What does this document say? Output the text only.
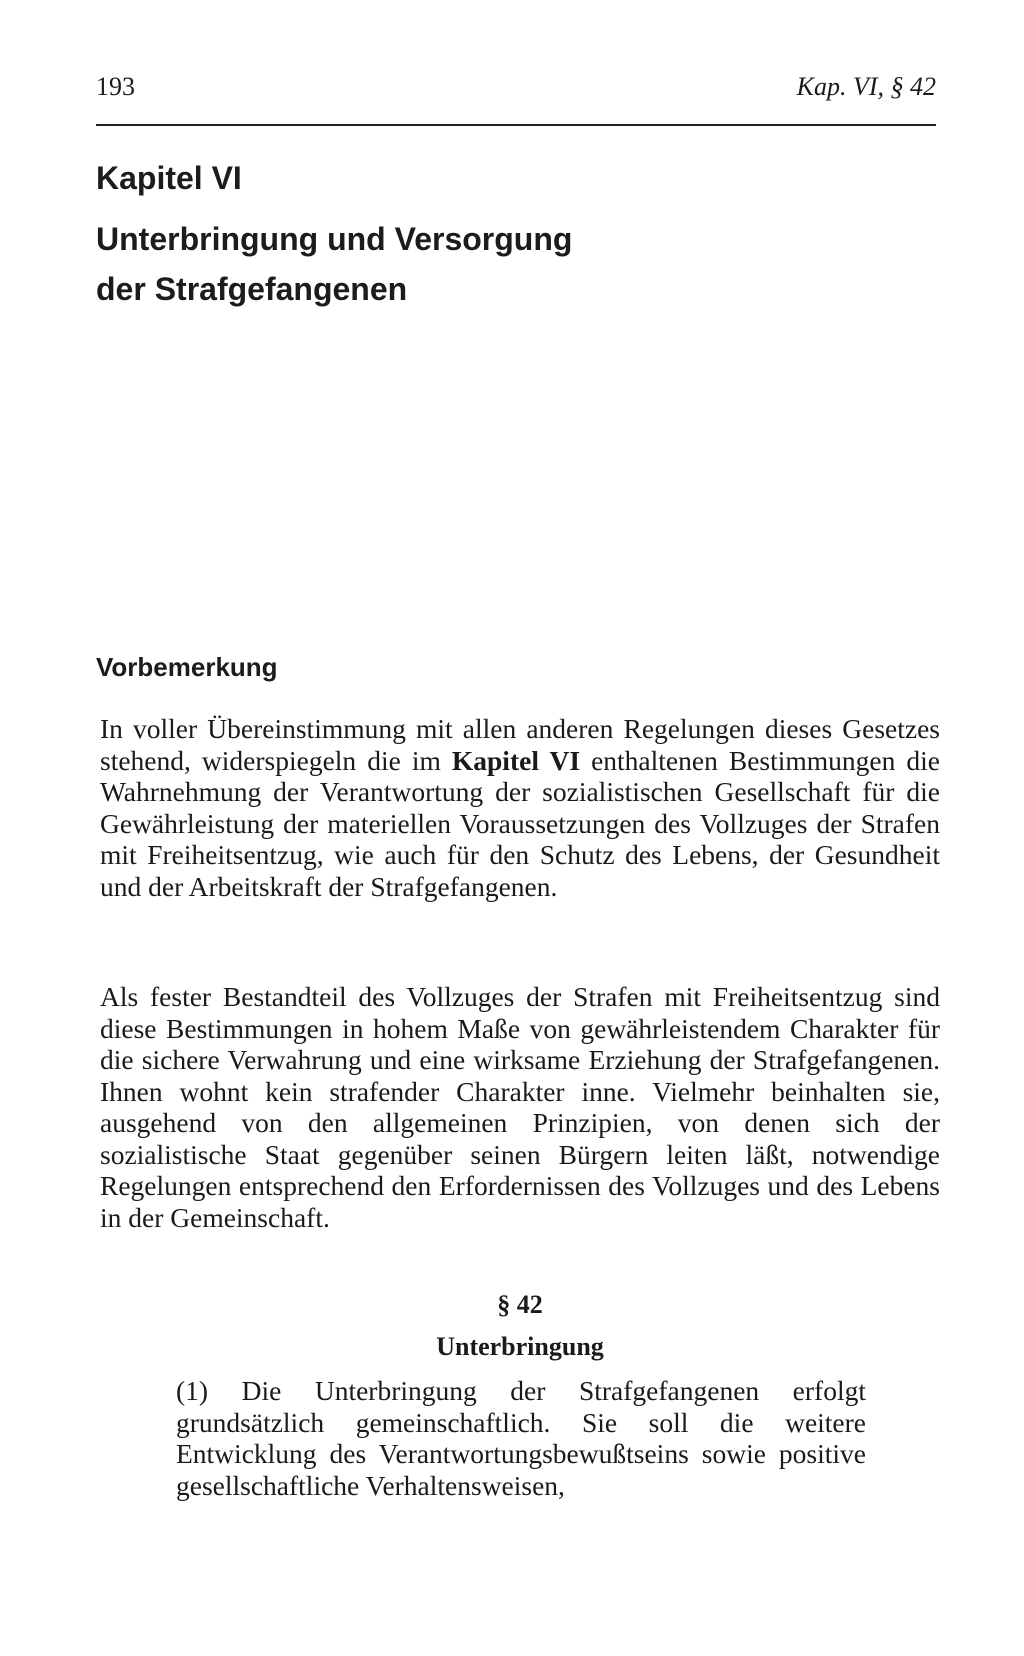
193	Kap. VI, § 42
Kapitel VI
Unterbringung und Versorgung
der Strafgefangenen
Vorbemerkung

In voller Übereinstimmung mit allen anderen Regelungen dieses Gesetzes stehend, widerspiegeln die im Kapitel VI enthaltenen Bestimmungen die Wahrnehmung der Verantwortung der sozialistischen Gesellschaft für die Gewährleistung der materiellen Voraussetzungen des Vollzuges der Strafen mit Freiheitsentzug, wie auch für den Schutz des Lebens, der Gesundheit und der Arbeitskraft der Strafgefangenen.

Als fester Bestandteil des Vollzuges der Strafen mit Freiheitsentzug sind diese Bestimmungen in hohem Maße von gewährleistendem Charakter für die sichere Verwahrung und eine wirksame Erziehung der Strafgefangenen. Ihnen wohnt kein strafender Charakter inne. Vielmehr beinhalten sie, ausgehend von den allgemeinen Prinzipien, von denen sich der sozialistische Staat gegenüber seinen Bürgern leiten läßt, notwendige Regelungen entsprechend den Erfordernissen des Vollzuges und des Lebens in der Gemeinschaft.

§ 42
Unterbringung

(1) Die Unterbringung der Strafgefangenen erfolgt grundsätzlich gemeinschaftlich. Sie soll die weitere Entwicklung des Verantwortungsbewußtseins sowie positive gesellschaftliche Verhaltensweisen,
